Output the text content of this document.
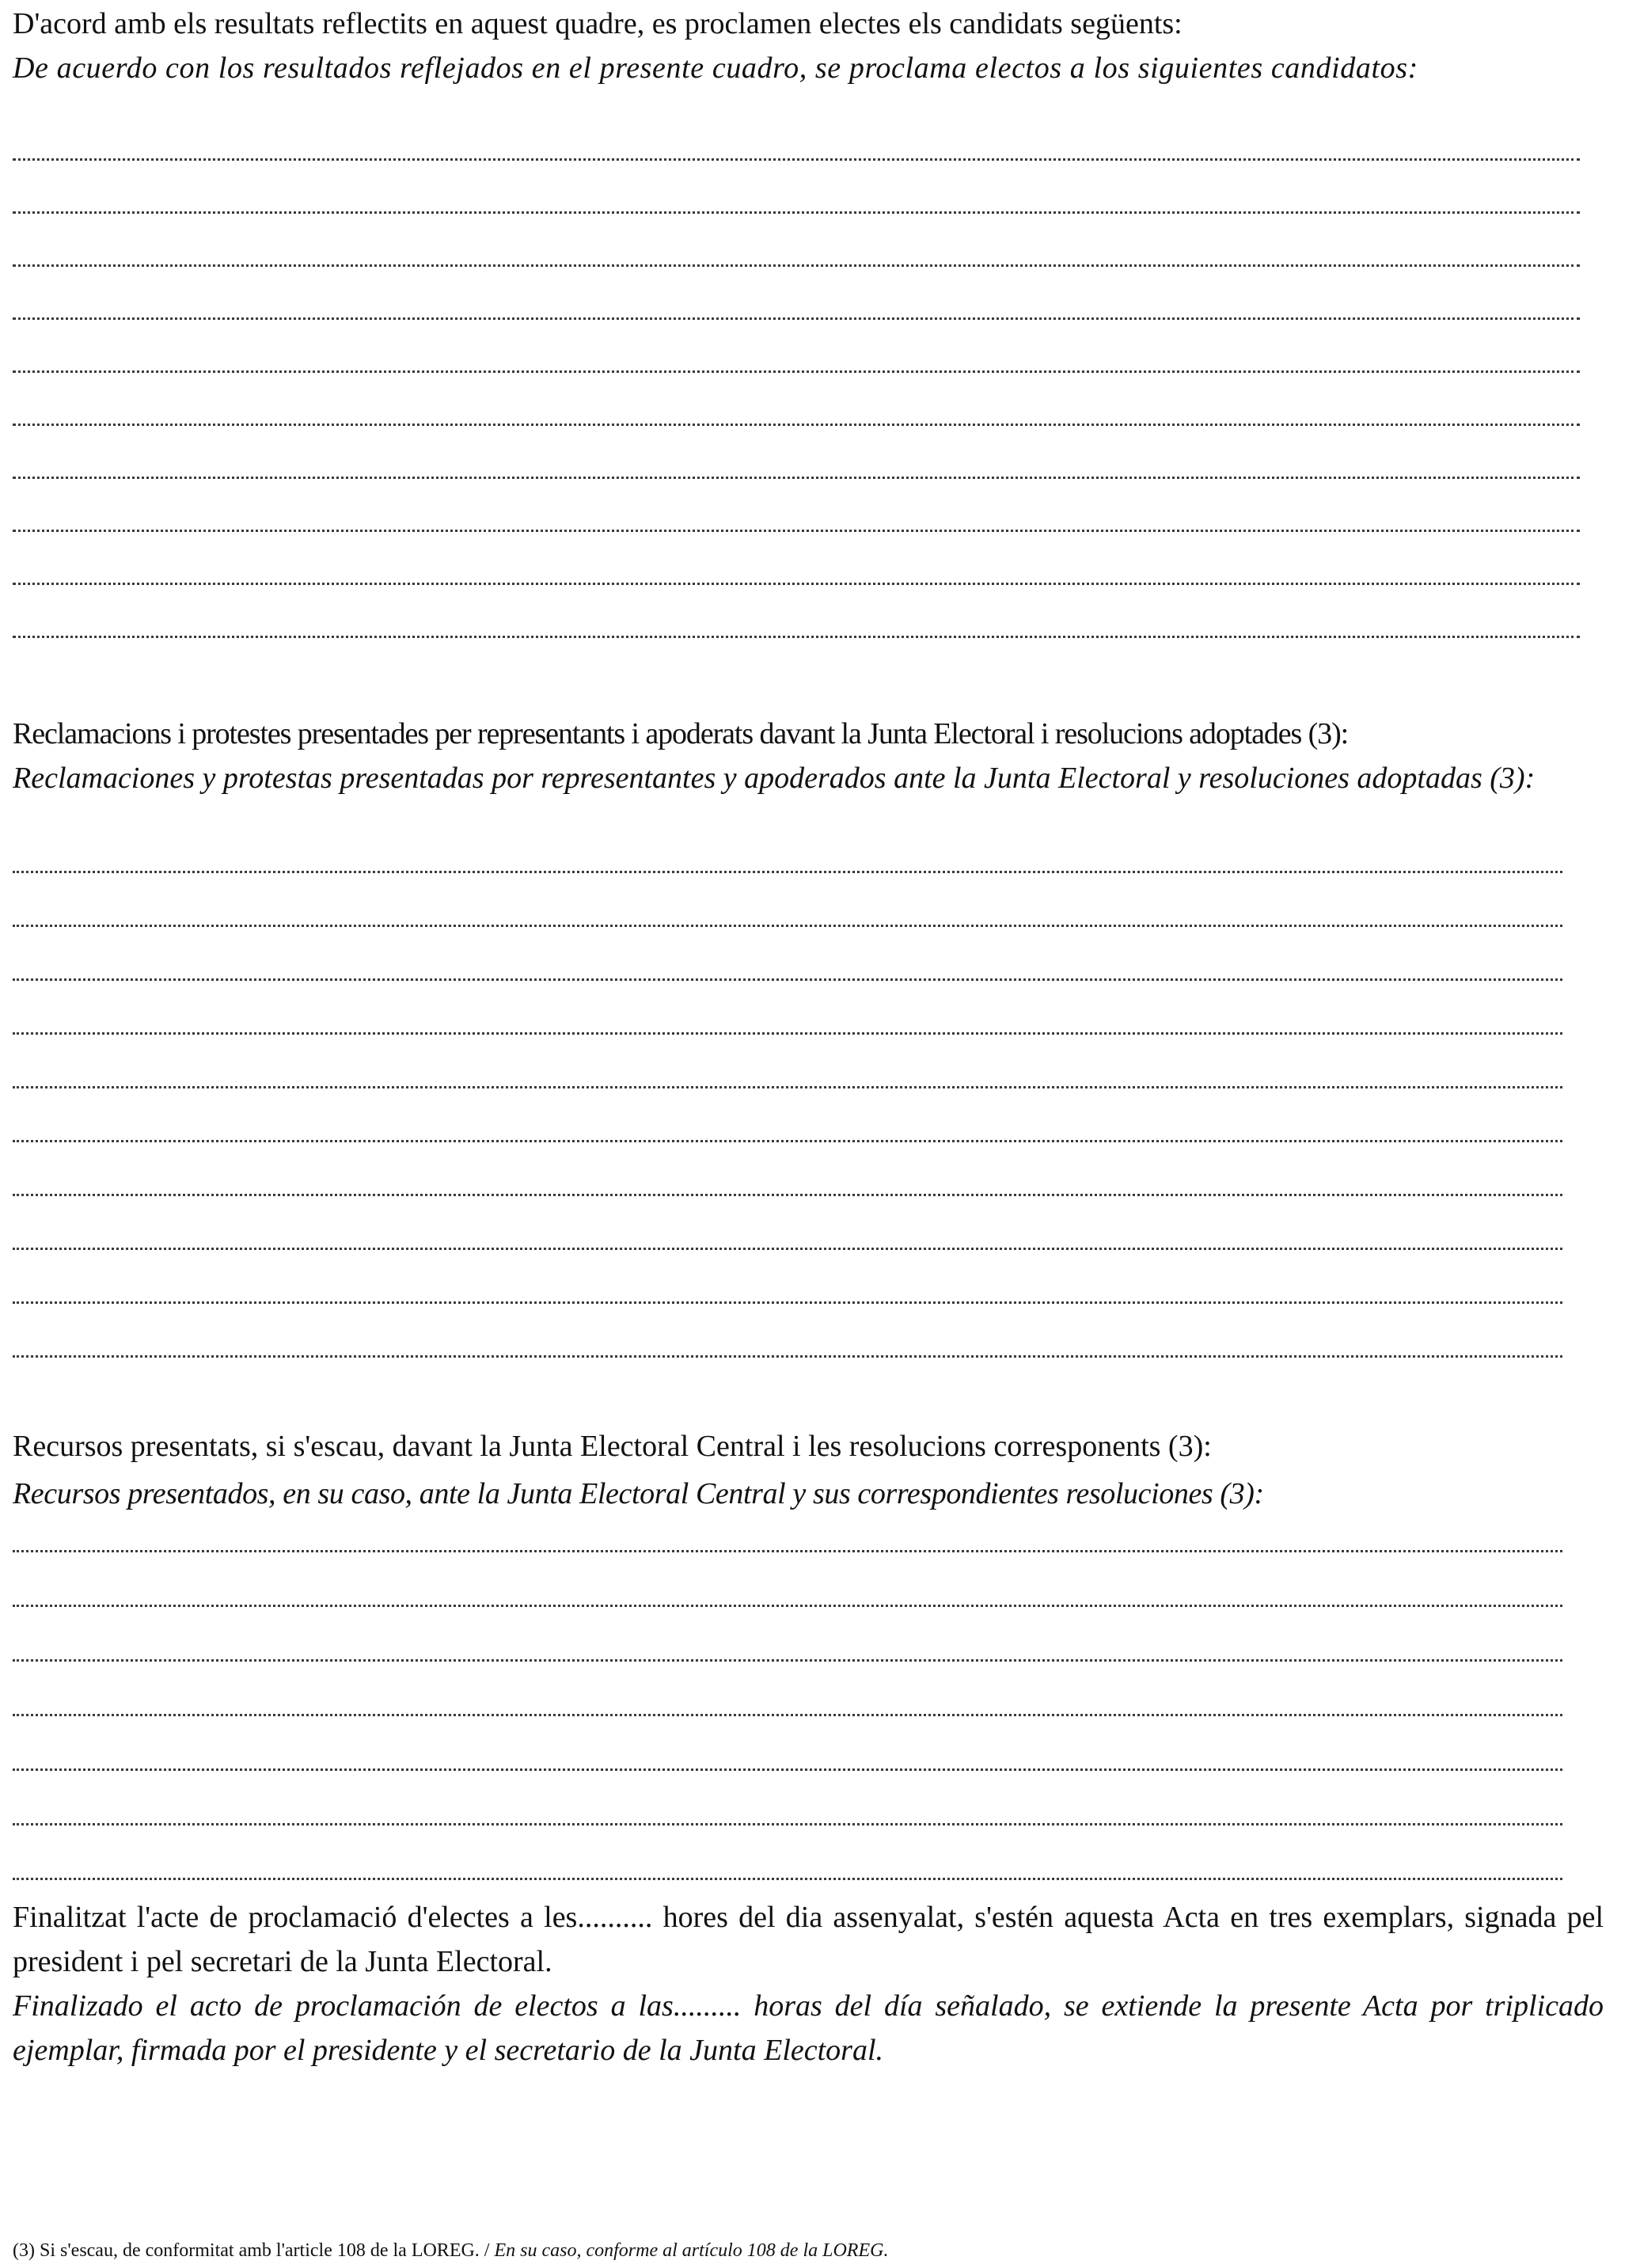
D'acord amb els resultats reflectits en aquest quadre, es proclamen electes els candidats següents:

De acuerdo con los resultados reflejados en el presente cuadro, se proclama electos a los siguientes candidatos:

Reclamacions i protestes presentades per representants i apoderats davant la Junta Electoral i resolucions adoptades (3):

Reclamaciones y protestas presentadas por representantes y apoderados ante la Junta Electoral y resoluciones adoptadas (3):

Recursos presentats, si s'escau, davant la Junta Electoral Central i les resolucions corresponents (3):

Recursos presentados, en su caso, ante la Junta Electoral Central y sus correspondientes resoluciones (3):

Finalitzat l'acte de proclamació d'electes a les.......... hores del dia assenyalat, s'estén aquesta Acta en tres exemplars, signada pel president i pel secretari de la Junta Electoral.

Finalizado el acto de proclamación de electos a las......... horas del día señalado, se extiende la presente Acta por triplicado ejemplar, firmada por el presidente y el secretario de la Junta Electoral.

(3) Si s'escau, de conformitat amb l'article 108 de la LOREG. / En su caso, conforme al artículo 108 de la LOREG.
